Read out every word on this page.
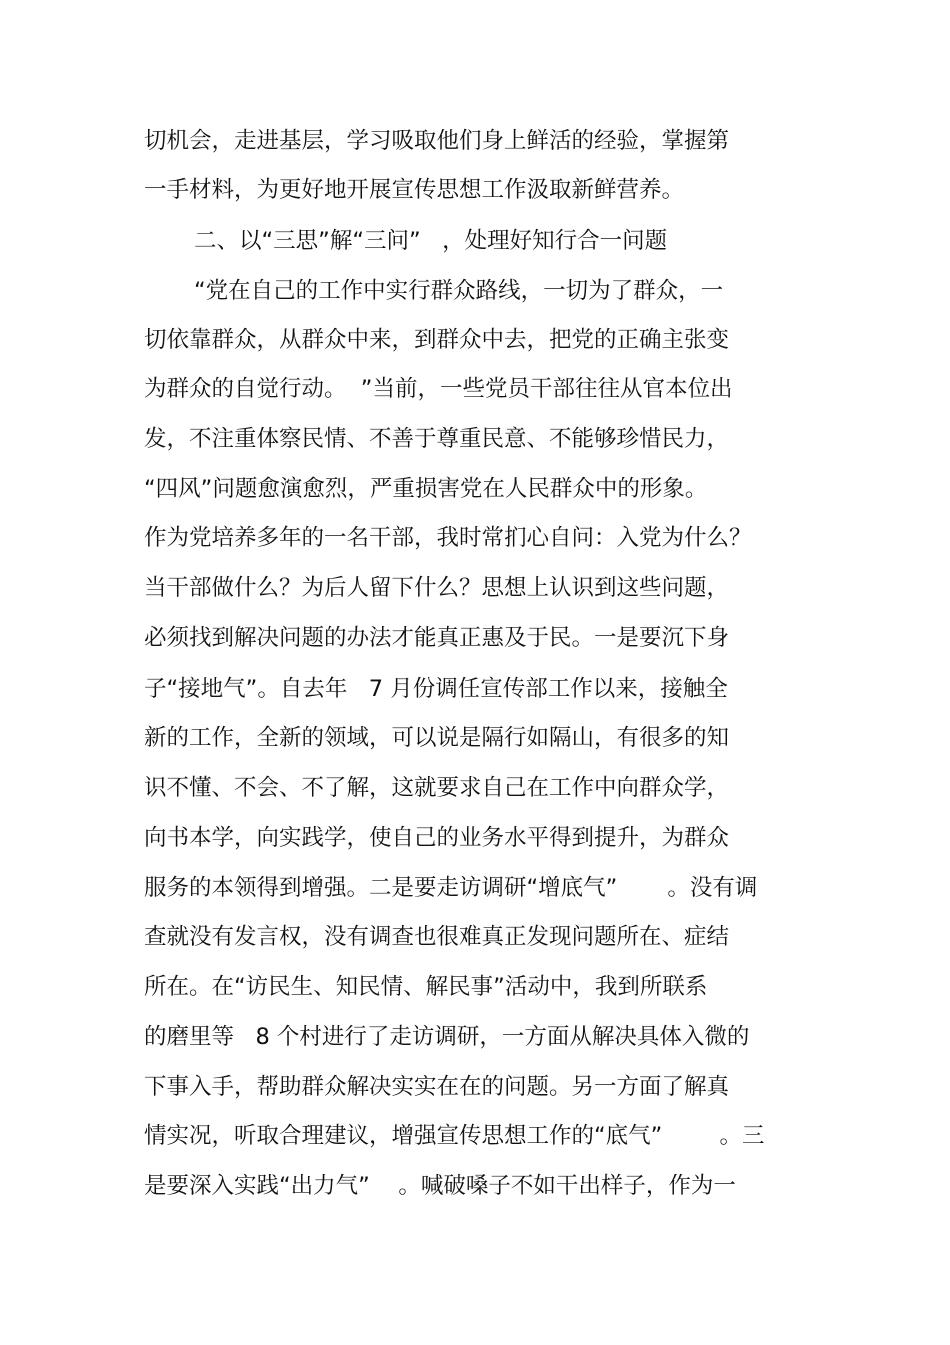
切机会，走进基层，学习吸取他们身上鲜活的经验，掌握第
一手材料，为更好地开展宣传思想工作汲取新鲜营养。
二、以“三思”解“三问”   ，处理好知行合一问题
“党在自己的工作中实行群众路线，一切为了群众，一
切依靠群众，从群众中来，到群众中去，把党的正确主张变
为群众的自觉行动。  ”当前，一些党员干部往往从官本位出
发，不注重体察民情、不善于尊重民意、不能够珍惜民力，
“四风”问题愈演愈烈，严重损害党在人民群众中的形象。
作为党培养多年的一名干部，我时常扪心自问：入党为什么？
当干部做什么？为后人留下什么？思想上认识到这些问题，
必须找到解决问题的办法才能真正惠及于民。一是要沉下身
子“接地气”。自去年   7 月份调任宣传部工作以来，接触全
新的工作，全新的领域，可以说是隔行如隔山，有很多的知
识不懂、不会、不了解，这就要求自己在工作中向群众学，
向书本学，向实践学，使自己的业务水平得到提升，为群众
服务的本领得到增强。二是要走访调研“增底气”       。没有调
查就没有发言权，没有调查也很难真正发现问题所在、症结
所在。在“访民生、知民情、解民事”活动中，我到所联系
的磨里等   8 个村进行了走访调研，一方面从解决具体入微的
下事入手，帮助群众解决实实在在的问题。另一方面了解真
情实况，听取合理建议，增强宣传思想工作的“底气”        。三
是要深入实践“出力气”    。喊破嗓子不如干出样子，作为一
